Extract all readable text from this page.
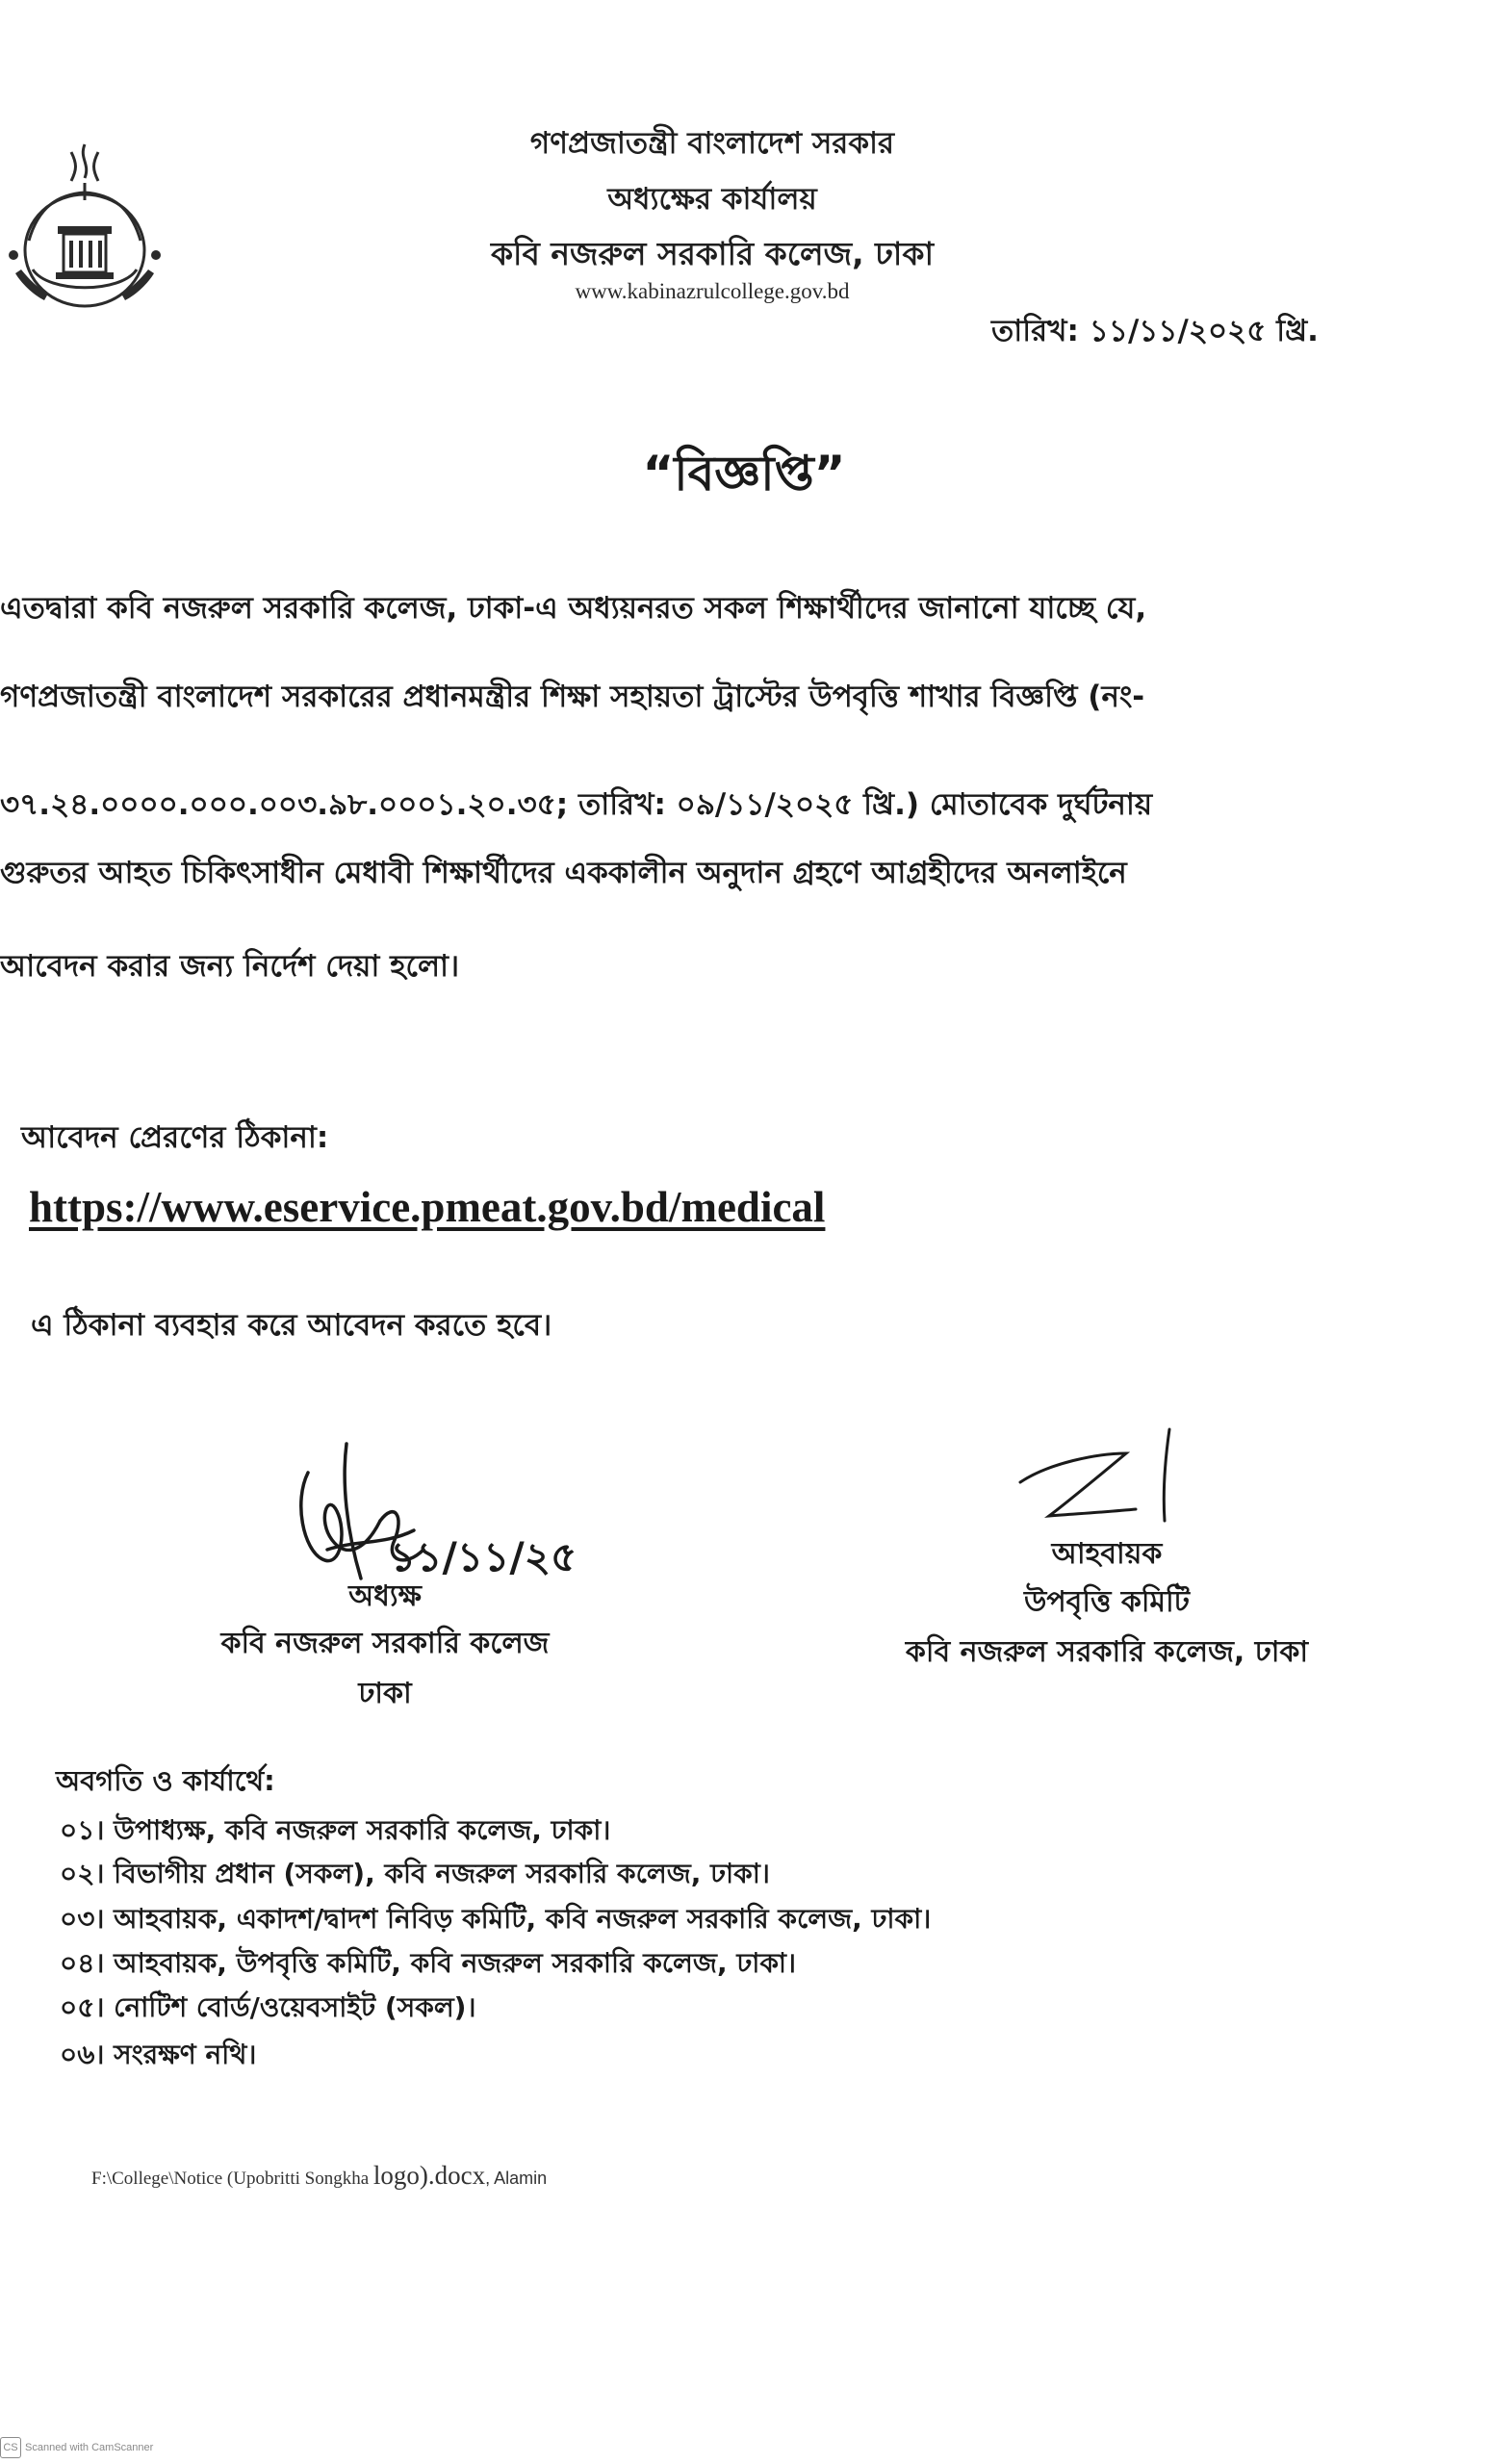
গণপ্রজাতন্ত্রী বাংলাদেশ সরকার
অধ্যক্ষের কার্যালয়
কবি নজরুল সরকারি কলেজ, ঢাকা
www.kabinazrulcollege.gov.bd
তারিখ: ১১/১১/২০২৫ খ্রি.
“বিজ্ঞপ্তি”
এতদ্বারা কবি নজরুল সরকারি কলেজ, ঢাকা-এ অধ্যয়নরত সকল শিক্ষার্থীদের জানানো যাচ্ছে যে,
গণপ্রজাতন্ত্রী বাংলাদেশ সরকারের প্রধানমন্ত্রীর শিক্ষা সহায়তা ট্রাস্টের উপবৃত্তি শাখার বিজ্ঞপ্তি (নং-
৩৭.২৪.০০০০.০০০.০০৩.৯৮.০০০১.২০.৩৫; তারিখ: ০৯/১১/২০২৫ খ্রি.) মোতাবেক দুর্ঘটনায়
গুরুতর আহত চিকিৎসাধীন মেধাবী শিক্ষার্থীদের এককালীন অনুদান গ্রহণে আগ্রহীদের অনলাইনে
আবেদন করার জন্য নির্দেশ দেয়া হলো।
আবেদন প্রেরণের ঠিকানা:
https://www.eservice.pmeat.gov.bd/medical
এ ঠিকানা ব্যবহার করে আবেদন করতে হবে।
১১/১১/২৫
অধ্যক্ষ
কবি নজরুল সরকারি কলেজ
ঢাকা
আহবায়ক
উপবৃত্তি কমিটি
কবি নজরুল সরকারি কলেজ, ঢাকা
অবগতি ও কার্যার্থে:
০১। উপাধ্যক্ষ, কবি নজরুল সরকারি কলেজ, ঢাকা।
০২। বিভাগীয় প্রধান (সকল), কবি নজরুল সরকারি কলেজ, ঢাকা।
০৩। আহবায়ক, একাদশ/দ্বাদশ নিবিড় কমিটি, কবি নজরুল সরকারি কলেজ, ঢাকা।
০৪। আহবায়ক, উপবৃত্তি কমিটি, কবি নজরুল সরকারি কলেজ, ঢাকা।
০৫। নোটিশ বোর্ড/ওয়েবসাইট (সকল)।
০৬। সংরক্ষণ নথি।
F:\College\Notice (Upobritti Songkha logo).docx, Alamin
CS Scanned with CamScanner
